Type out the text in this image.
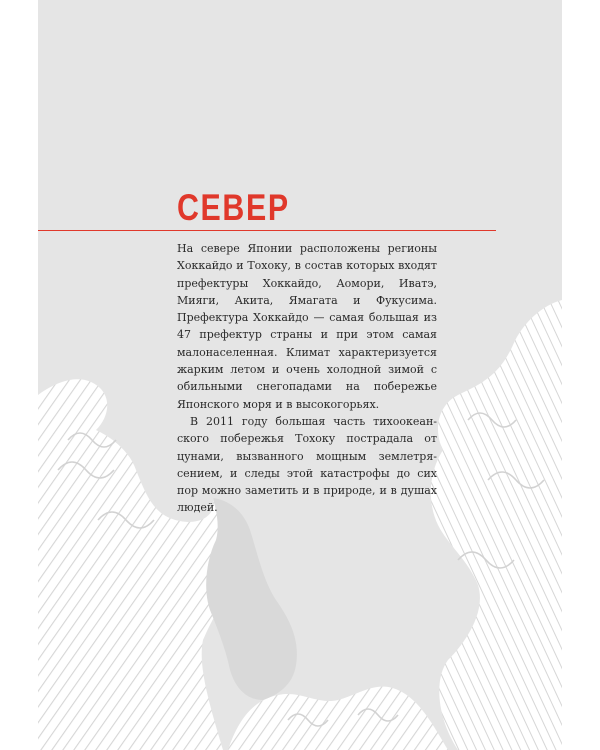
СЕВЕР

На севере Японии расположены регионы Хоккайдо и Тохоку, в состав которых входят префектуры Хоккайдо, Аомори, Иватэ, Мияги, Акита, Ямагата и Фукусима. Префектура Хоккайдо — самая большая из 47 префектур страны и при этом самая малонаселенная. Климат характеризуется жарким летом и очень холодной зимой с обильными снегопадами на побережье Японского моря и в высокогорьях.

В 2011 году большая часть тихоокеанского побережья Тохоку пострадала от цунами, вызванного мощным землетрясением, и следы этой катастрофы до сих пор можно заметить и в природе, и в душах людей.
